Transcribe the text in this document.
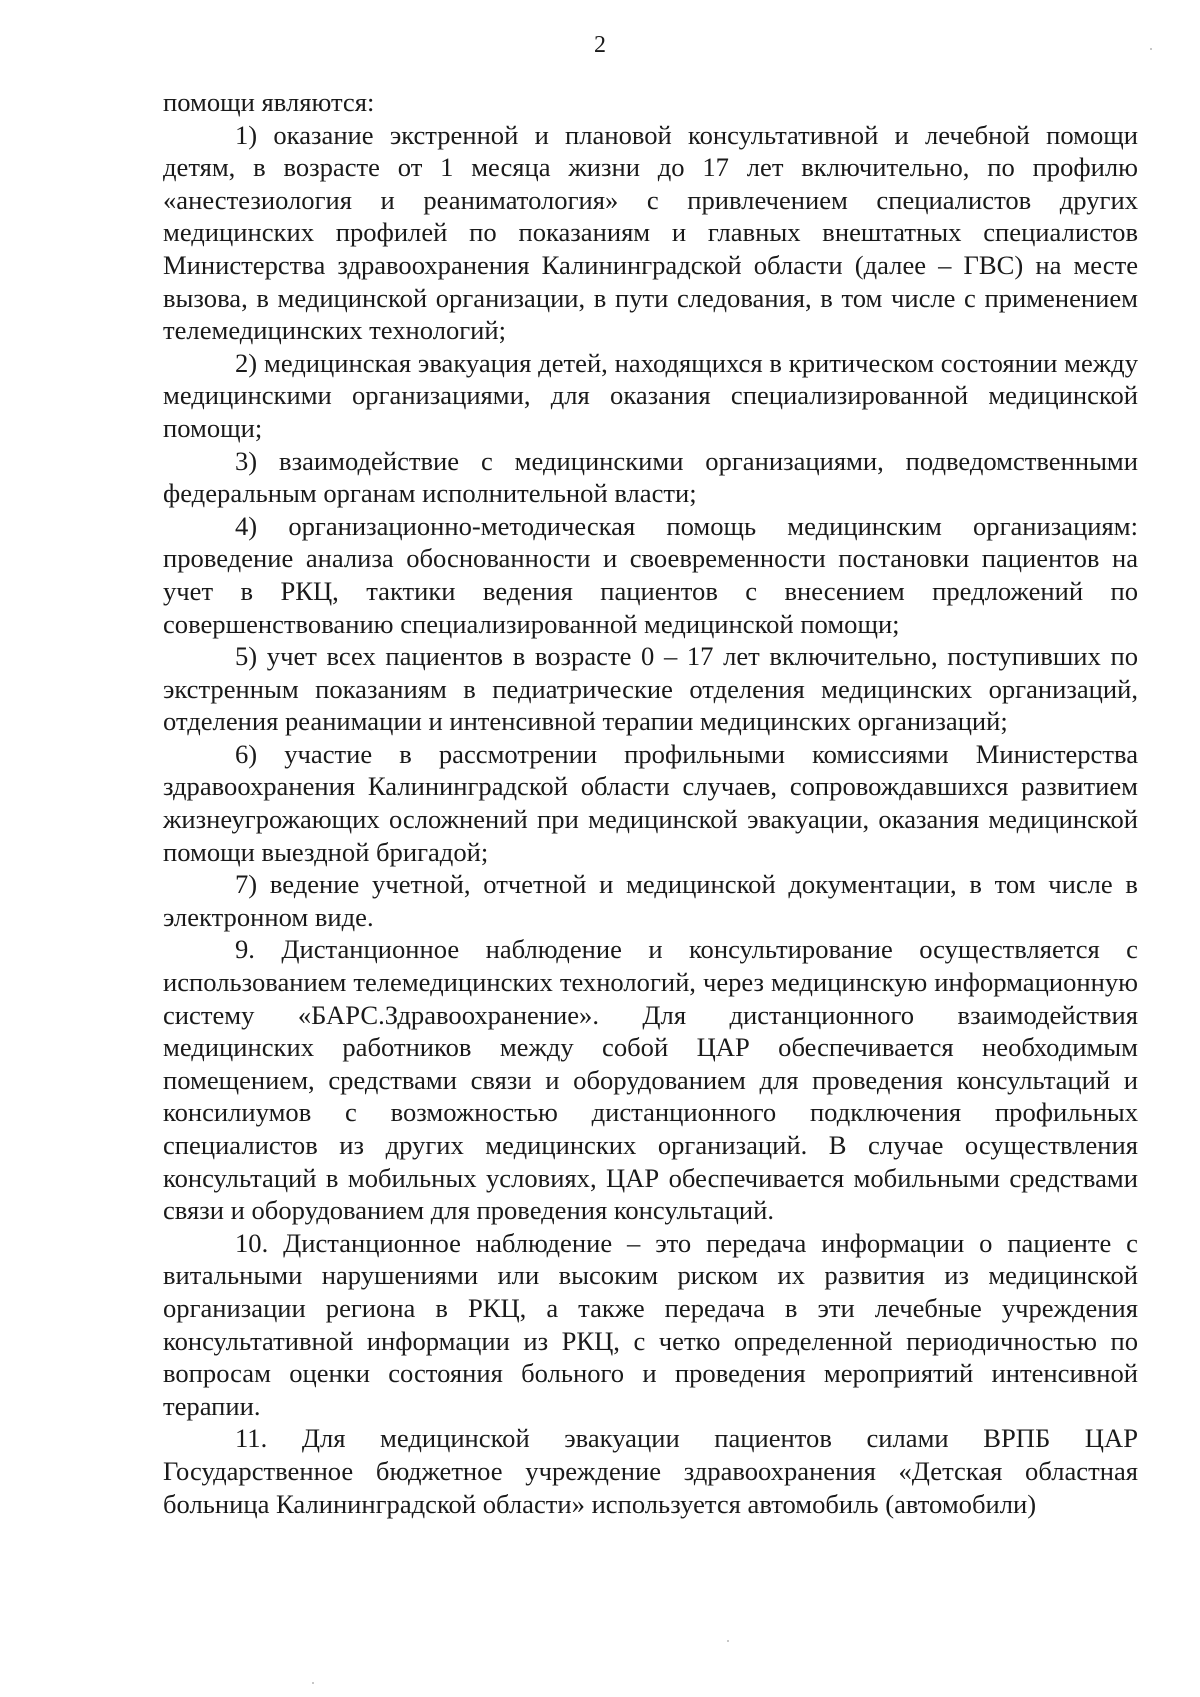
2

помощи являются:

1) оказание экстренной и плановой консультативной и лечебной помощи детям, в возрасте от 1 месяца жизни до 17 лет включительно, по профилю «анестезиология и реаниматология» с привлечением специалистов других медицинских профилей по показаниям и главных внештатных специалистов Министерства здравоохранения Калининградской области (далее – ГВС) на месте вызова, в медицинской организации, в пути следования, в том числе с применением телемедицинских технологий;

2) медицинская эвакуация детей, находящихся в критическом состоянии между медицинскими организациями, для оказания специализированной медицинской помощи;

3) взаимодействие с медицинскими организациями, подведомственными федеральным органам исполнительной власти;

4) организационно-методическая помощь медицинским организациям: проведение анализа обоснованности и своевременности постановки пациентов на учет в РКЦ, тактики ведения пациентов с внесением предложений по совершенствованию специализированной медицинской помощи;

5) учет всех пациентов в возрасте 0 – 17 лет включительно, поступивших по экстренным показаниям в педиатрические отделения медицинских организаций, отделения реанимации и интенсивной терапии медицинских организаций;

6) участие в рассмотрении профильными комиссиями Министерства здравоохранения Калининградской области случаев, сопровождавшихся развитием жизнеугрожающих осложнений при медицинской эвакуации, оказания медицинской помощи выездной бригадой;

7) ведение учетной, отчетной и медицинской документации, в том числе в электронном виде.

9. Дистанционное наблюдение и консультирование осуществляется с использованием телемедицинских технологий, через медицинскую информационную систему «БАРС.Здравоохранение». Для дистанционного взаимодействия медицинских работников между собой ЦАР обеспечивается необходимым помещением, средствами связи и оборудованием для проведения консультаций и консилиумов с возможностью дистанционного подключения профильных специалистов из других медицинских организаций. В случае осуществления консультаций в мобильных условиях, ЦАР обеспечивается мобильными средствами связи и оборудованием для проведения консультаций.

10. Дистанционное наблюдение – это передача информации о пациенте с витальными нарушениями или высоким риском их развития из медицинской организации региона в РКЦ, а также передача в эти лечебные учреждения консультативной информации из РКЦ, с четко определенной периодичностью по вопросам оценки состояния больного и проведения мероприятий интенсивной терапии.

11. Для медицинской эвакуации пациентов силами ВРПБ ЦАР Государственное бюджетное учреждение здравоохранения «Детская областная больница Калининградской области» используется автомобиль (автомобили)
